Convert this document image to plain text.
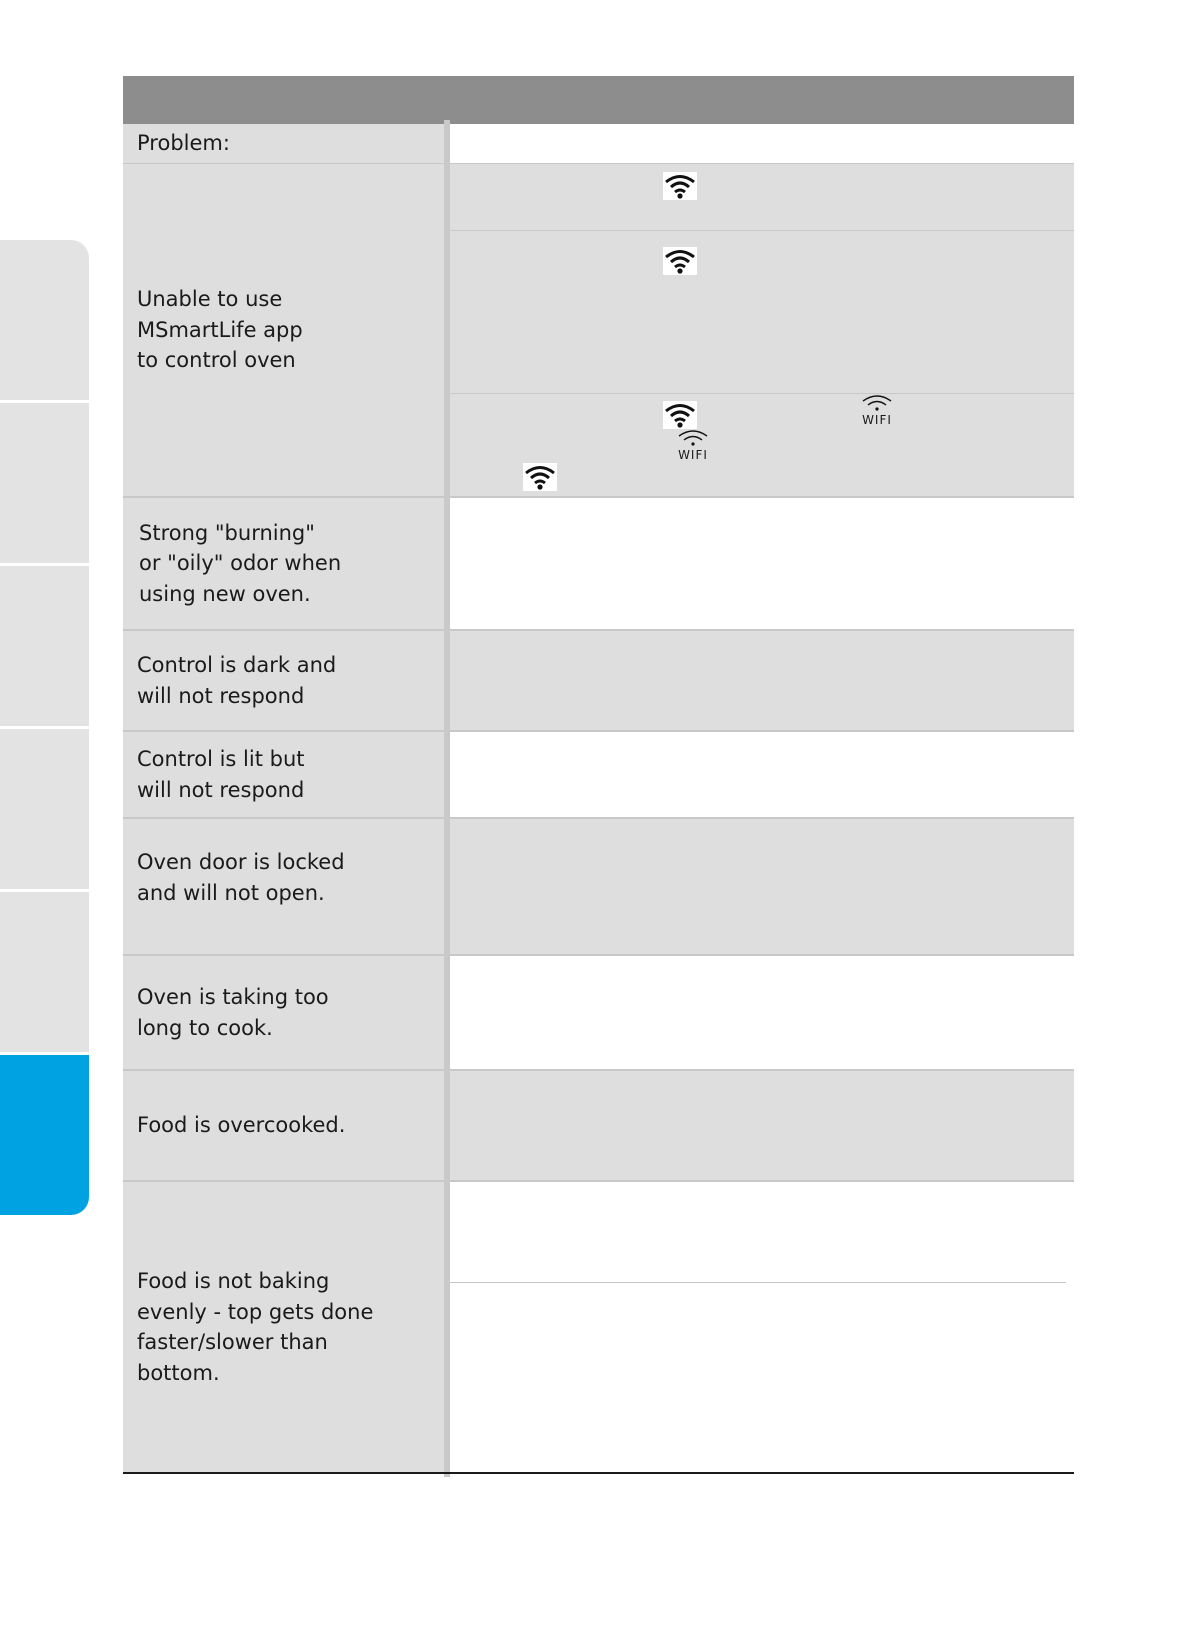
Problem:
Unable to use
MSmartLife app
to control oven
WIFI
WIFI
Strong "burning"
or "oily" odor when
using new oven.
Control is dark and
will not respond
Control is lit but
will not respond
Oven door is locked
and will not open.
Oven is taking too
long to cook.
Food is overcooked.
Food is not baking
evenly - top gets done
faster/slower than
bottom.
